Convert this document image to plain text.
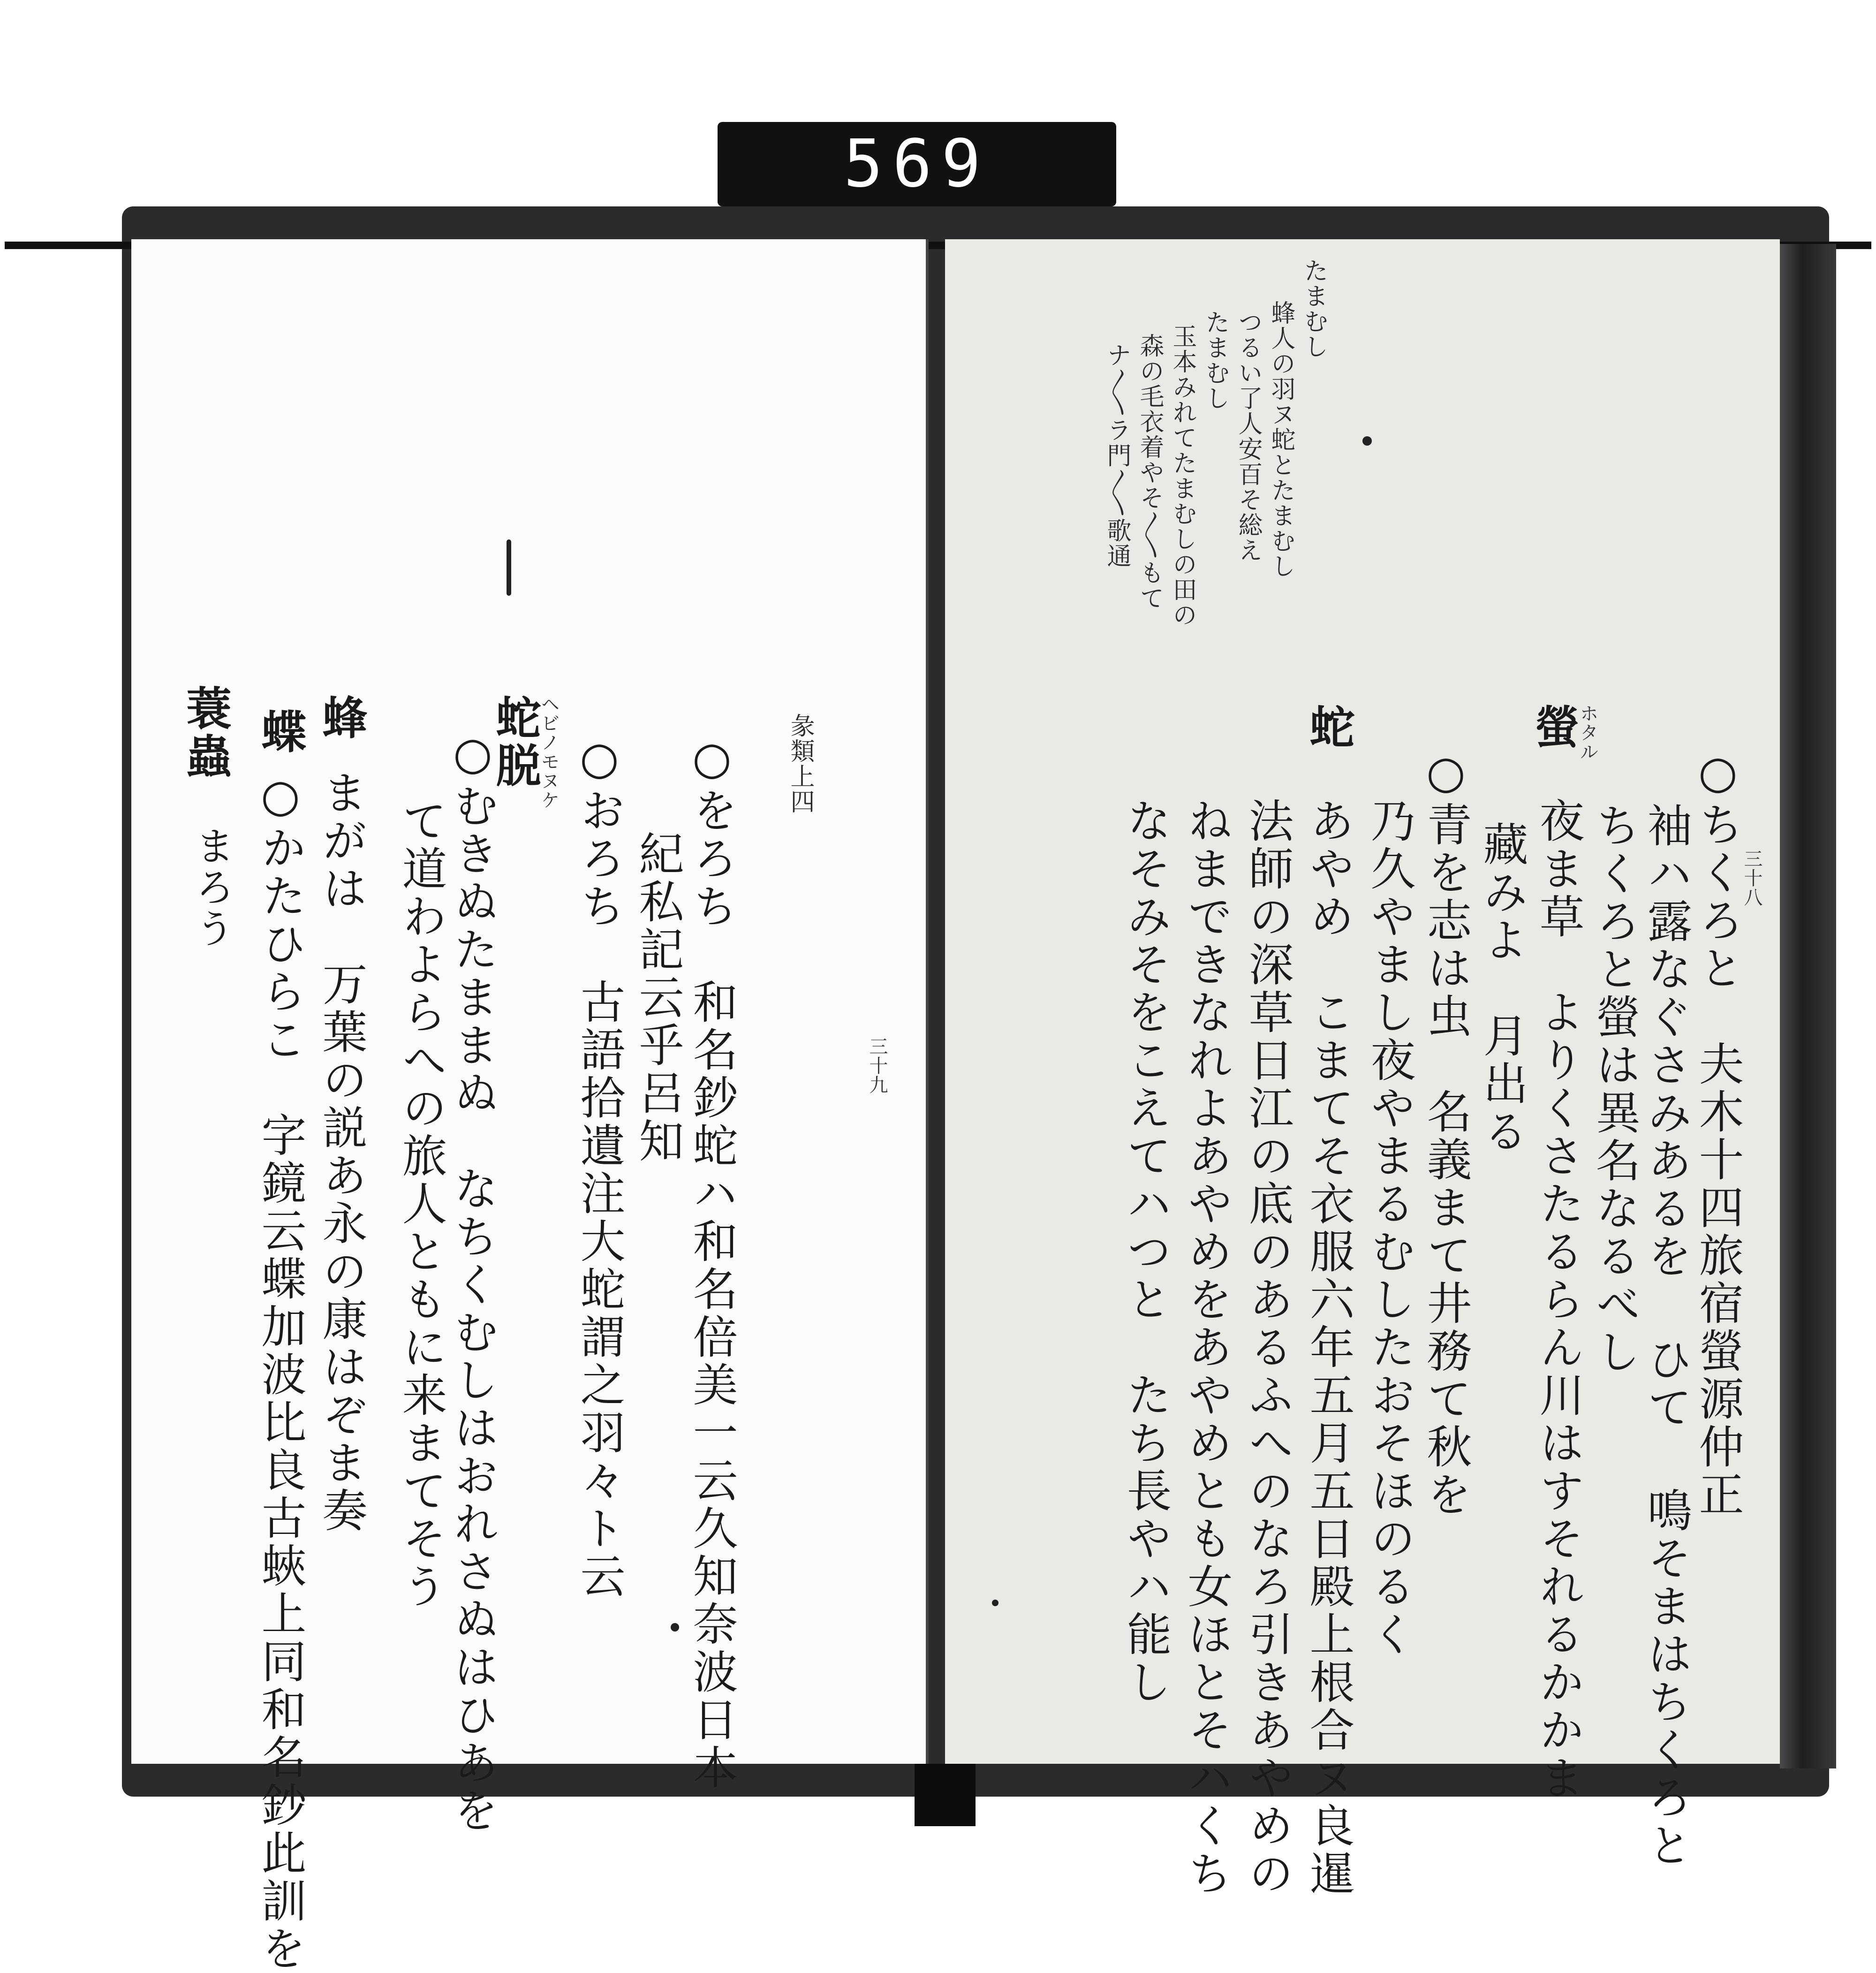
569
三十九
彖類上四
○をろち　和名鈔蛇ハ和名倍美一云久知奈波日本
紀私記云乎呂知
○おろち　古語拾遺注大蛇謂之羽々ト云
蛇脱
ヘビノモヌケ
○むきぬたままぬ　なちくむしはおれさぬはひあを
て道わよらへの旅人ともに来まてそう
蜂
まがは　万葉の説あ永の康はぞま奏
蝶
○かたひらこ　字鏡云蝶加波比良古蛺上同和名鈔此訓を
蓑蟲
まろう	三十八
たまむし
蜂人の羽ヌ蛇とたまむし
つるい了人安百そ総え
たまむし
玉本みれてたまむしの田の
森の毛衣着やそ〳〵もて
ナ〳〵ラ門〳〵歌通
螢
ホタル
蛇
○ちくろと　夫木十四旅宿螢源仲正
袖ハ露なぐさみあるを ひて 鳴そまはちくろと
ちくろと螢は異名なるべし
夜ま草　よりくさたるらん川はすそれるかかま
藏みよ　月出る
○青を志は虫　名義まて井務て秋を
乃久やまし夜やまるむしたおそほのるく
あやめ　こまてそ衣服六年五月五日殿上根合ヌ良暹
法師の深草日江の底のあるふへのなろ引きあやめの
ねまできなれよあやめをあやめとも女ほとそハくち
なそみそをこえてハつと　たち長やハ能し
